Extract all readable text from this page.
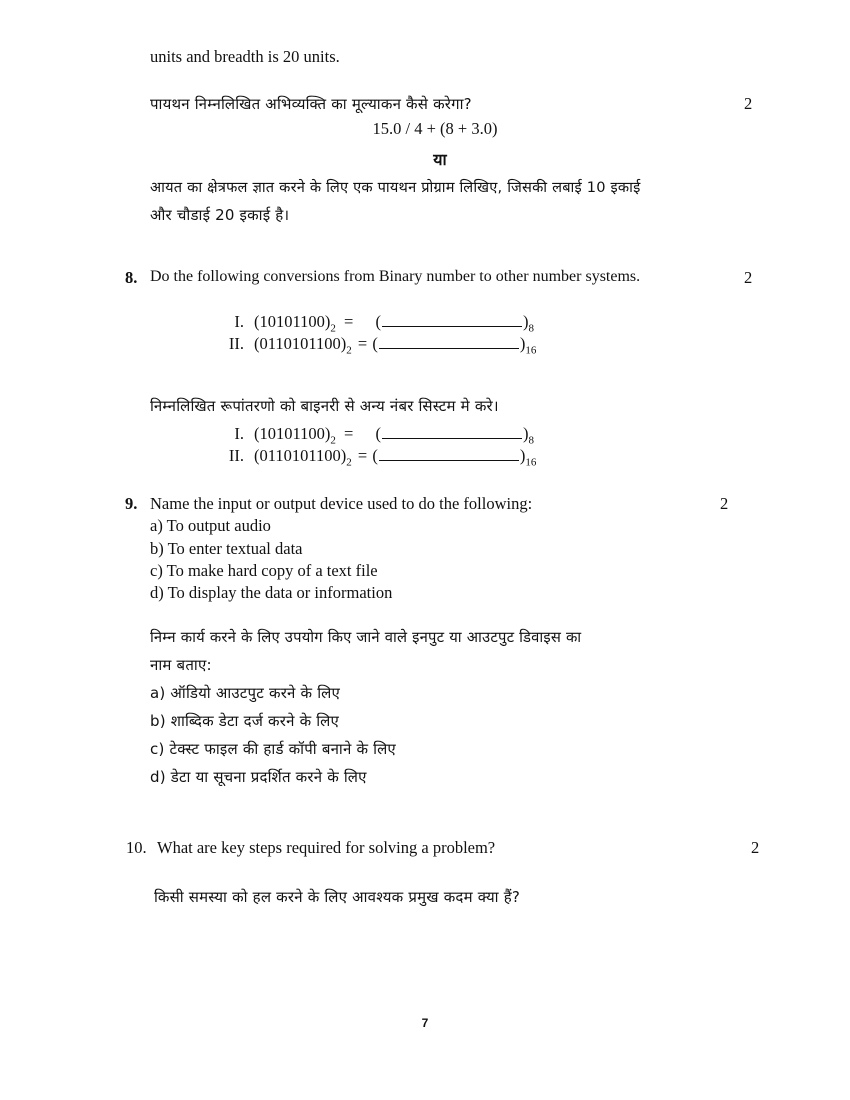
units and breadth is 20 units.
पायथन निम्नलिखित अभिव्यक्ति का मूल्याकन कैसे करेगा?	2
15.0 / 4 + (8 + 3.0)
या
आयत का क्षेत्रफल ज्ञात करने के लिए एक पायथन प्रोग्राम लिखिए, जिसकी लबाई 10 इकाई
और चौडाई 20 इकाई है।
8. Do the following conversions from Binary number to other number systems.	2
I. $(10101100)_2$ = (	)$_8$
II. $(0110101100)_2$ = (	)$_{16}$
निम्नलिखित रूपांतरणो को बाइनरी से अन्य नंबर सिस्टम मे करे।
I. $(10101100)_2$ = (	)$_8$
II. $(0110101100)_2$ = (	)$_{16}$
9. Name the input or output device used to do the following:	2
a) To output audio
b) To enter textual data
c) To make hard copy of a text file
d) To display the data or information
निम्न कार्य करने के लिए उपयोग किए जाने वाले इनपुट या आउटपुट डिवाइस का
नाम बताए:
a) ऑडियो आउटपुट करने के लिए
b) शाब्दिक डेटा दर्ज करने के लिए
c) टेक्स्ट फाइल की हार्ड कॉपी बनाने के लिए
d) डेटा या सूचना प्रदर्शित करने के लिए
10. What are key steps required for solving a problem?	2
किसी समस्या को हल करने के लिए आवश्यक प्रमुख कदम क्या हैं?
7
